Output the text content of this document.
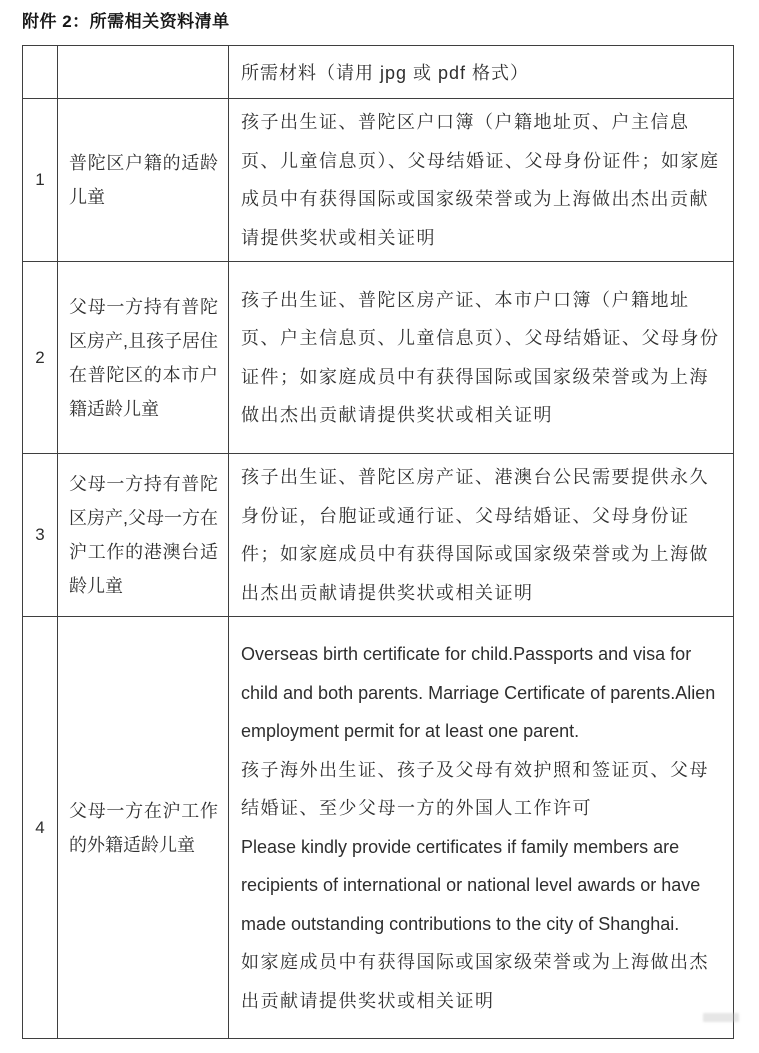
附件 2：所需相关资料清单
		所需材料（请用 jpg 或 pdf 格式）
1	普陀区户籍的适龄儿童	孩子出生证、普陀区户口簿（户籍地址页、户主信息页、儿童信息页）、父母结婚证、父母身份证件；如家庭成员中有获得国际或国家级荣誉或为上海做出杰出贡献请提供奖状或相关证明

2	父母一方持有普陀区房产,且孩子居住在普陀区的本市户籍适龄儿童	孩子出生证、普陀区房产证、本市户口簿（户籍地址页、户主信息页、儿童信息页）、父母结婚证、父母身份证件；如家庭成员中有获得国际或国家级荣誉或为上海做出杰出贡献请提供奖状或相关证明

3	父母一方持有普陀区房产,父母一方在沪工作的港澳台适龄儿童	孩子出生证、普陀区房产证、港澳台公民需要提供永久身份证，台胞证或通行证、父母结婚证、父母身份证件；如家庭成员中有获得国际或国家级荣誉或为上海做出杰出贡献请提供奖状或相关证明

4	父母一方在沪工作的外籍适龄儿童	Overseas birth certificate for child.Passports and visa for child and both parents. Marriage Certificate of parents.Alien employment permit for at least one parent.

孩子海外出生证、孩子及父母有效护照和签证页、父母结婚证、至少父母一方的外国人工作许可

Please kindly provide certificates if family members are recipients of international or national level awards or have made outstanding contributions to the city of Shanghai.

如家庭成员中有获得国际或国家级荣誉或为上海做出杰出贡献请提供奖状或相关证明
